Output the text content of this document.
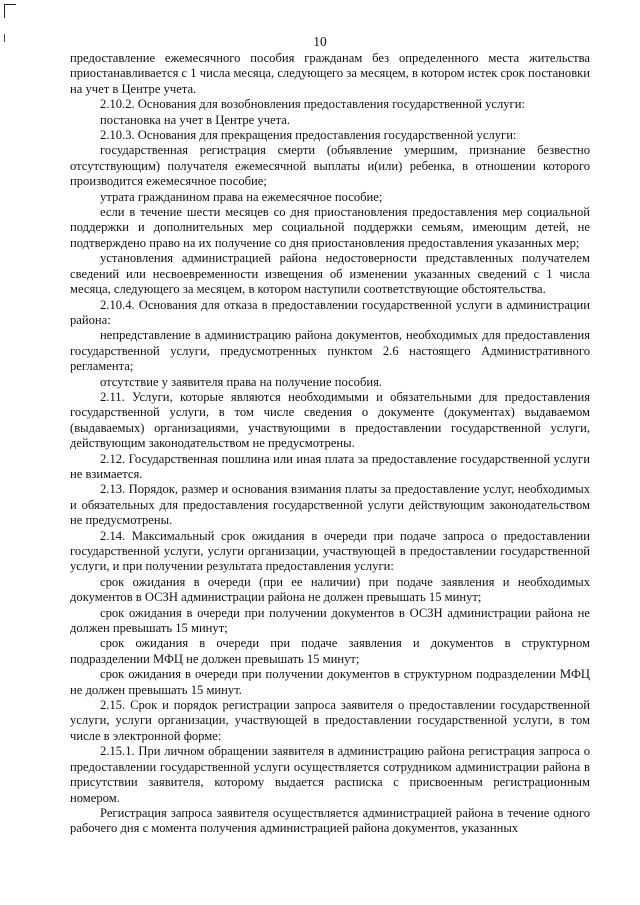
10

предоставление ежемесячного пособия гражданам без определенного места жительства приостанавливается с 1 числа месяца, следующего за месяцем, в котором истек срок постановки на учет в Центре учета.

2.10.2. Основания для возобновления предоставления государственной услуги:

постановка на учет в Центре учета.

2.10.3. Основания для прекращения предоставления государственной услуги:

государственная регистрация смерти (объявление умершим, признание безвестно отсутствующим) получателя ежемесячной выплаты и(или) ребенка, в отношении которого производится ежемесячное пособие;

утрата гражданином права на ежемесячное пособие;

если в течение шести месяцев со дня приостановления предоставления мер социальной поддержки и дополнительных мер социальной поддержки семьям, имеющим детей, не подтверждено право на их получение со дня приостановления предоставления указанных мер;

установления администрацией района недостоверности представленных получателем сведений или несвоевременности извещения об изменении указанных сведений с 1 числа месяца, следующего за месяцем, в котором наступили соответствующие обстоятельства.

2.10.4. Основания для отказа в предоставлении государственной услуги в администрации района:

непредставление в администрацию района документов, необходимых для предоставления государственной услуги, предусмотренных пунктом 2.6 настоящего Административного регламента;

отсутствие у заявителя права на получение пособия.

2.11. Услуги, которые являются необходимыми и обязательными для предоставления государственной услуги, в том числе сведения о документе (документах) выдаваемом (выдаваемых) организациями, участвующими в предоставлении государственной услуги, действующим законодательством не предусмотрены.

2.12. Государственная пошлина или иная плата за предоставление государственной услуги не взимается.

2.13. Порядок, размер и основания взимания платы за предоставление услуг, необходимых и обязательных для предоставления государственной услуги действующим законодательством не предусмотрены.

2.14. Максимальный срок ожидания в очереди при подаче запроса о предоставлении государственной услуги, услуги организации, участвующей в предоставлении государственной услуги, и при получении результата предоставления услуги:

срок ожидания в очереди (при ее наличии) при подаче заявления и необходимых документов в ОСЗН администрации района не должен превышать 15 минут;

срок ожидания в очереди при получении документов в ОСЗН администрации района не должен превышать 15 минут;

срок ожидания в очереди при подаче заявления и документов в структурном подразделении МФЦ не должен превышать 15 минут;

срок ожидания в очереди при получении документов в структурном подразделении МФЦ не должен превышать 15 минут.

2.15. Срок и порядок регистрации запроса заявителя о предоставлении государственной услуги, услуги организации, участвующей в предоставлении государственной услуги, в том числе в электронной форме:

2.15.1. При личном обращении заявителя в администрацию района регистрация запроса о предоставлении государственной услуги осуществляется сотрудником администрации района в присутствии заявителя, которому выдается расписка с присвоенным регистрационным номером.

Регистрация запроса заявителя осуществляется администрацией района в течение одного рабочего дня с момента получения администрацией района документов, указанных
